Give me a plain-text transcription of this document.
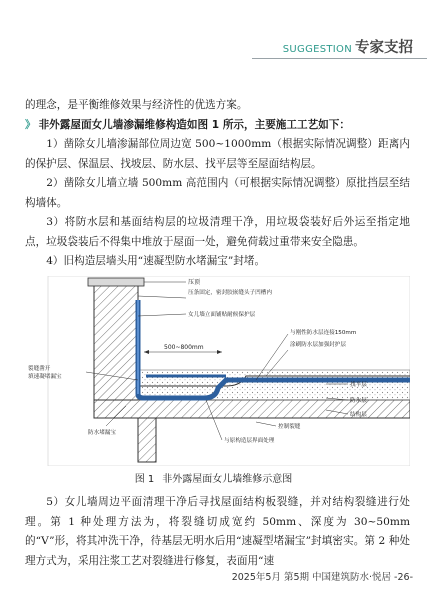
SUGGESTION 专家支招

的理念，是平衡维修效果与经济性的优选方案。

》 非外露屋面女儿墙渗漏维修构造如图 1 所示，主要施工工艺如下：

1）凿除女儿墙渗漏部位周边宽 500~1000mm（根据实际情况调整）距离内的保护层、保温层、找坡层、防水层、找平层等至屋面结构层。

2）凿除女儿墙立墙 500mm 高范围内（可根据实际情况调整）原批挡层至结构墙体。

3）将防水层和基面结构层的垃圾清理干净，用垃圾袋装好后外运至指定地点，垃圾袋装后不得集中堆放于屋面一处，避免荷载过重带来安全隐患。

4）旧构造层墙头用“速凝型防水堵漏宝”封堵。

500~800mm
压顶
压条固定，密封胶嵌缝头子凹槽内
女儿墙立面铺贴耐候保护层
裂缝凿开
填速凝堵漏宝
与刚性防水层连接150mm
涂刷防水层加强封护层
找平层
防水层
结构层
控制裂缝
与原构造层界面处理
防水堵漏宝
图 1 非外露屋面女儿墙维修示意图

5）女儿墙周边平面清理干净后寻找屋面结构板裂缝，并对结构裂缝进行处理。第 1 种处理方法为，将裂缝切成宽约 50mm、深度为 30~50mm 的“V”形，将其冲洗干净，待基层无明水后用“速凝型堵漏宝”封填密实。第 2 种处理方式为，采用注浆工艺对裂缝进行修复，表面用“速

2025年5月 第5期 中国建筑防水·悦居 -26-
